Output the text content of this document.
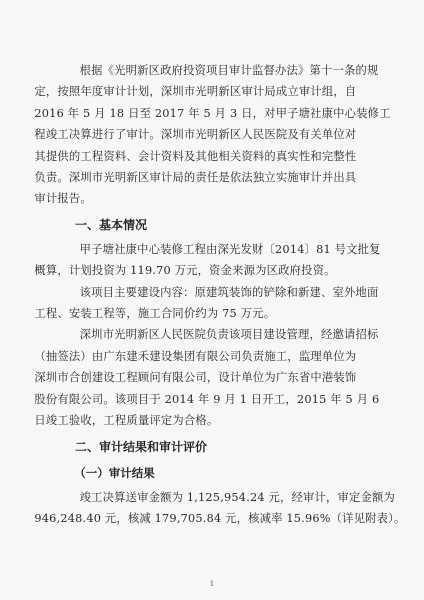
根据《光明新区政府投资项目审计监督办法》第十一条的规
定，按照年度审计计划，深圳市光明新区审计局成立审计组，自
2016 年 5 月 18 日至 2017 年 5 月 3 日，对甲子塘社康中心装修工
程竣工决算进行了审计。深圳市光明新区人民医院及有关单位对
其提供的工程资料、会计资料及其他相关资料的真实性和完整性
负责。深圳市光明新区审计局的责任是依法独立实施审计并出具
审计报告。

一、基本情况

甲子塘社康中心装修工程由深光发财〔2014〕81 号文批复
概算，计划投资为 119.70 万元，资金来源为区政府投资。

该项目主要建设内容：原建筑装饰的铲除和新建、室外地面
工程、安装工程等，施工合同价约为 75 万元。

深圳市光明新区人民医院负责该项目建设管理，经邀请招标
（抽签法）由广东建禾建设集团有限公司负责施工，监理单位为
深圳市合创建设工程顾问有限公司，设计单位为广东省中港装饰
股份有限公司。该项目于 2014 年 9 月 1 日开工，2015 年 5 月 6
日竣工验收，工程质量评定为合格。

二、审计结果和审计评价
（一）审计结果

竣工决算送审金额为 1,125,954.24 元，经审计，审定金额为
946,248.40 元，核减 179,705.84 元，核减率 15.96%（详见附表）。

1
